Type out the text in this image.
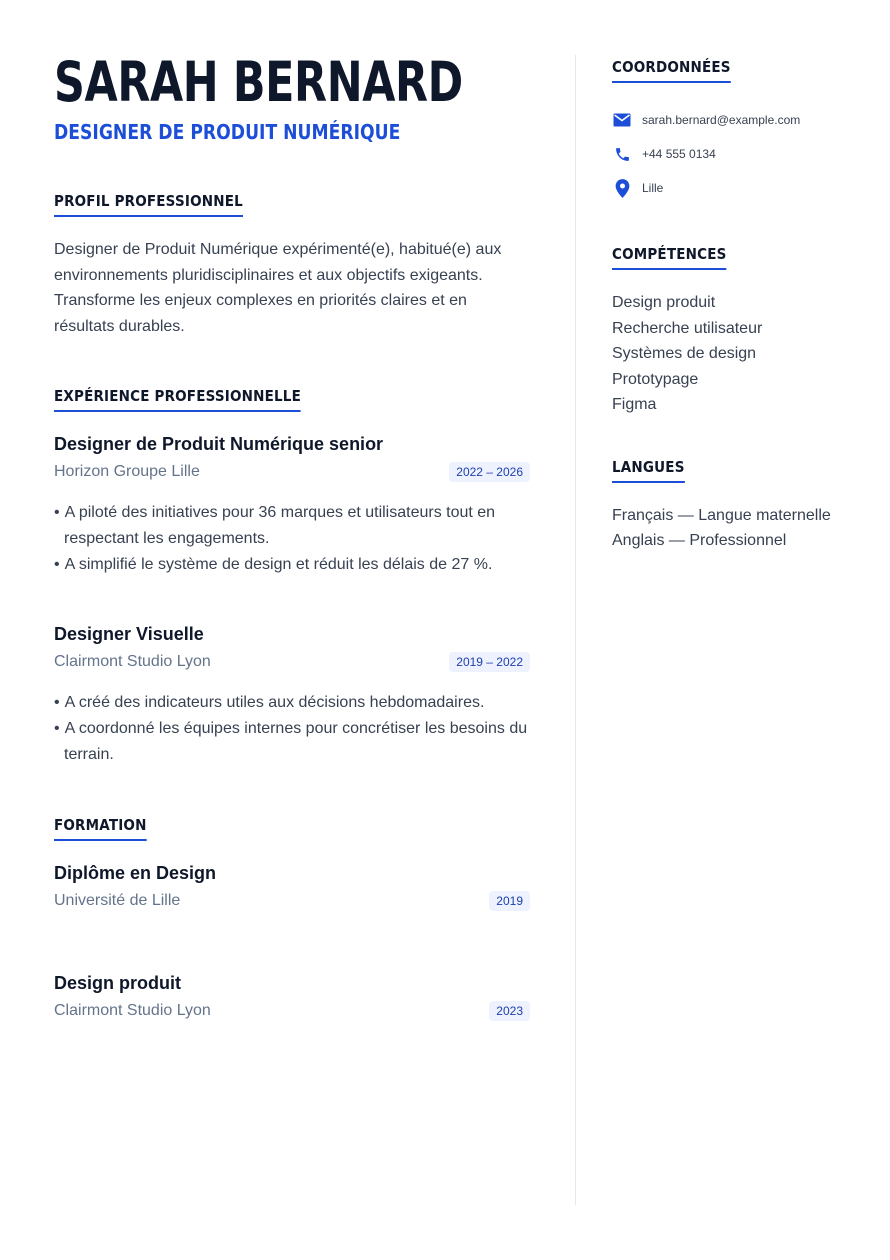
SARAH BERNARD
DESIGNER DE PRODUIT NUMÉRIQUE
PROFIL PROFESSIONNEL

Designer de Produit Numérique expérimenté(e), habitué(e) aux environnements pluridisciplinaires et aux objectifs exigeants. Transforme les enjeux complexes en priorités claires et en résultats durables.

EXPÉRIENCE PROFESSIONNELLE
Designer de Produit Numérique senior
Horizon Groupe Lille	2022 – 2026
• A piloté des initiatives pour 36 marques et utilisateurs tout en respectant les engagements.
• A simplifié le système de design et réduit les délais de 27 %.
Designer Visuelle
Clairmont Studio Lyon	2019 – 2022
• A créé des indicateurs utiles aux décisions hebdomadaires.
• A coordonné les équipes internes pour concrétiser les besoins du terrain.
FORMATION
Diplôme en Design
Université de Lille	2019
Design produit
Clairmont Studio Lyon	2023
COORDONNÉES
sarah.bernard@example.com
+44 555 0134
Lille
COMPÉTENCES
Design produit
Recherche utilisateur
Systèmes de design
Prototypage
Figma
LANGUES
Français — Langue maternelle
Anglais — Professionnel
